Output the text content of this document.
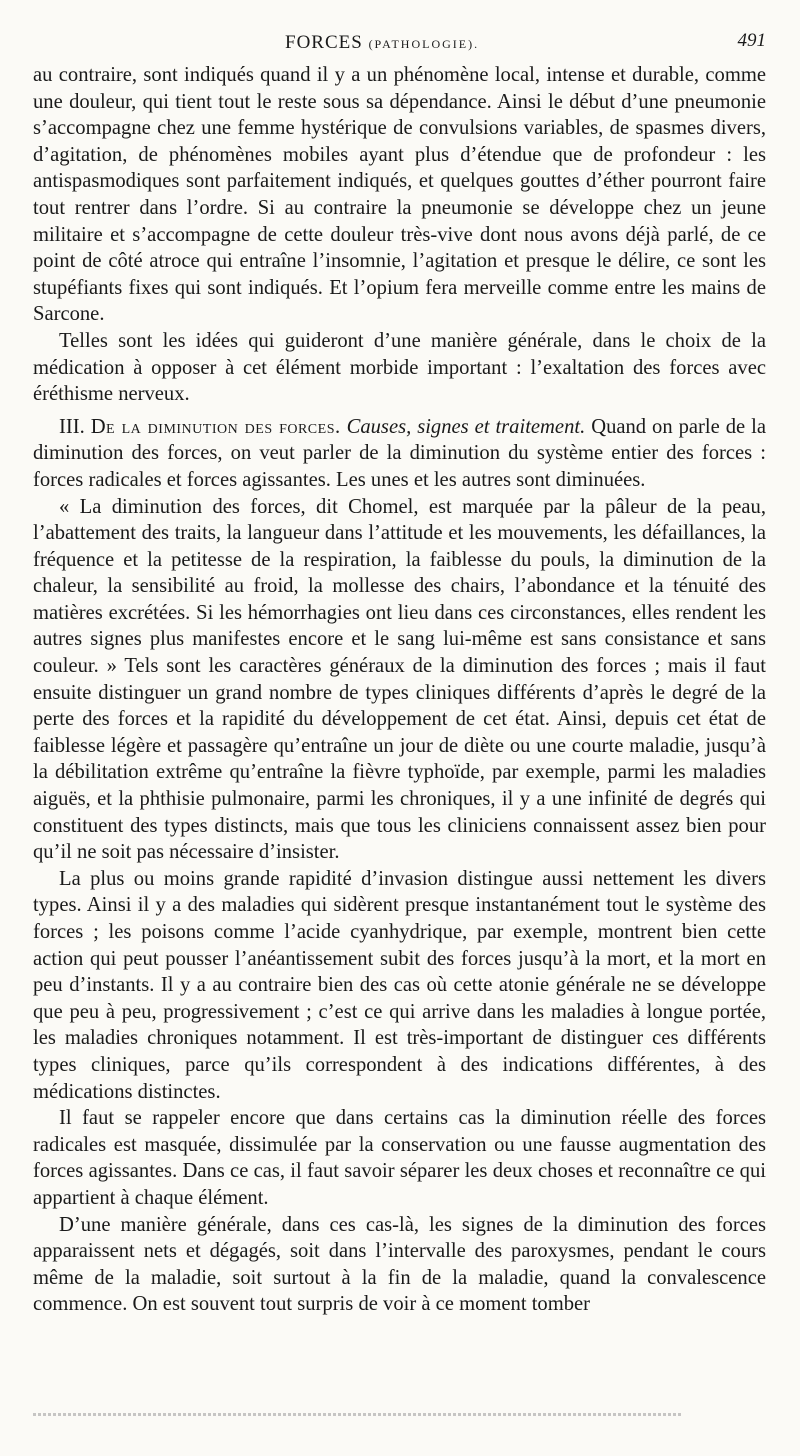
FORCES (PATHOLOGIE).	491

au contraire, sont indiqués quand il y a un phénomène local, intense et durable, comme une douleur, qui tient tout le reste sous sa dépendance. Ainsi le début d’une pneumonie s’accompagne chez une femme hystérique de convulsions variables, de spasmes divers, d’agitation, de phénomènes mobiles ayant plus d’étendue que de profondeur : les antispasmodiques sont parfaitement indiqués, et quelques gouttes d’éther pourront faire tout rentrer dans l’ordre. Si au contraire la pneumonie se développe chez un jeune militaire et s’accompagne de cette douleur très-vive dont nous avons déjà parlé, de ce point de côté atroce qui entraîne l’insomnie, l’agitation et presque le délire, ce sont les stupéfiants fixes qui sont indiqués. Et l’opium fera merveille comme entre les mains de Sarcone.

Telles sont les idées qui guideront d’une manière générale, dans le choix de la médication à opposer à cet élément morbide important : l’exaltation des forces avec éréthisme nerveux.

III. De la diminution des forces. Causes, signes et traitement. Quand on parle de la diminution des forces, on veut parler de la diminution du système entier des forces : forces radicales et forces agissantes. Les unes et les autres sont diminuées.

« La diminution des forces, dit Chomel, est marquée par la pâleur de la peau, l’abattement des traits, la langueur dans l’attitude et les mouvements, les défaillances, la fréquence et la petitesse de la respiration, la faiblesse du pouls, la diminution de la chaleur, la sensibilité au froid, la mollesse des chairs, l’abondance et la ténuité des matières excrétées. Si les hémorrhagies ont lieu dans ces circonstances, elles rendent les autres signes plus manifestes encore et le sang lui-même est sans consistance et sans couleur. » Tels sont les caractères généraux de la diminution des forces ; mais il faut ensuite distinguer un grand nombre de types cliniques différents d’après le degré de la perte des forces et la rapidité du développement de cet état. Ainsi, depuis cet état de faiblesse légère et passagère qu’entraîne un jour de diète ou une courte maladie, jusqu’à la débilitation extrême qu’entraîne la fièvre typhoïde, par exemple, parmi les maladies aiguës, et la phthisie pulmonaire, parmi les chroniques, il y a une infinité de degrés qui constituent des types distincts, mais que tous les cliniciens connaissent assez bien pour qu’il ne soit pas nécessaire d’insister.

La plus ou moins grande rapidité d’invasion distingue aussi nettement les divers types. Ainsi il y a des maladies qui sidèrent presque instantanément tout le système des forces ; les poisons comme l’acide cyanhydrique, par exemple, montrent bien cette action qui peut pousser l’anéantissement subit des forces jusqu’à la mort, et la mort en peu d’instants. Il y a au contraire bien des cas où cette atonie générale ne se développe que peu à peu, progressivement ; c’est ce qui arrive dans les maladies à longue portée, les maladies chroniques notamment. Il est très-important de distinguer ces différents types cliniques, parce qu’ils correspondent à des indications différentes, à des médications distinctes.

Il faut se rappeler encore que dans certains cas la diminution réelle des forces radicales est masquée, dissimulée par la conservation ou une fausse augmentation des forces agissantes. Dans ce cas, il faut savoir séparer les deux choses et reconnaître ce qui appartient à chaque élément.

D’une manière générale, dans ces cas-là, les signes de la diminution des forces apparaissent nets et dégagés, soit dans l’intervalle des paroxysmes, pendant le cours même de la maladie, soit surtout à la fin de la maladie, quand la convalescence commence. On est souvent tout surpris de voir à ce moment tomber
